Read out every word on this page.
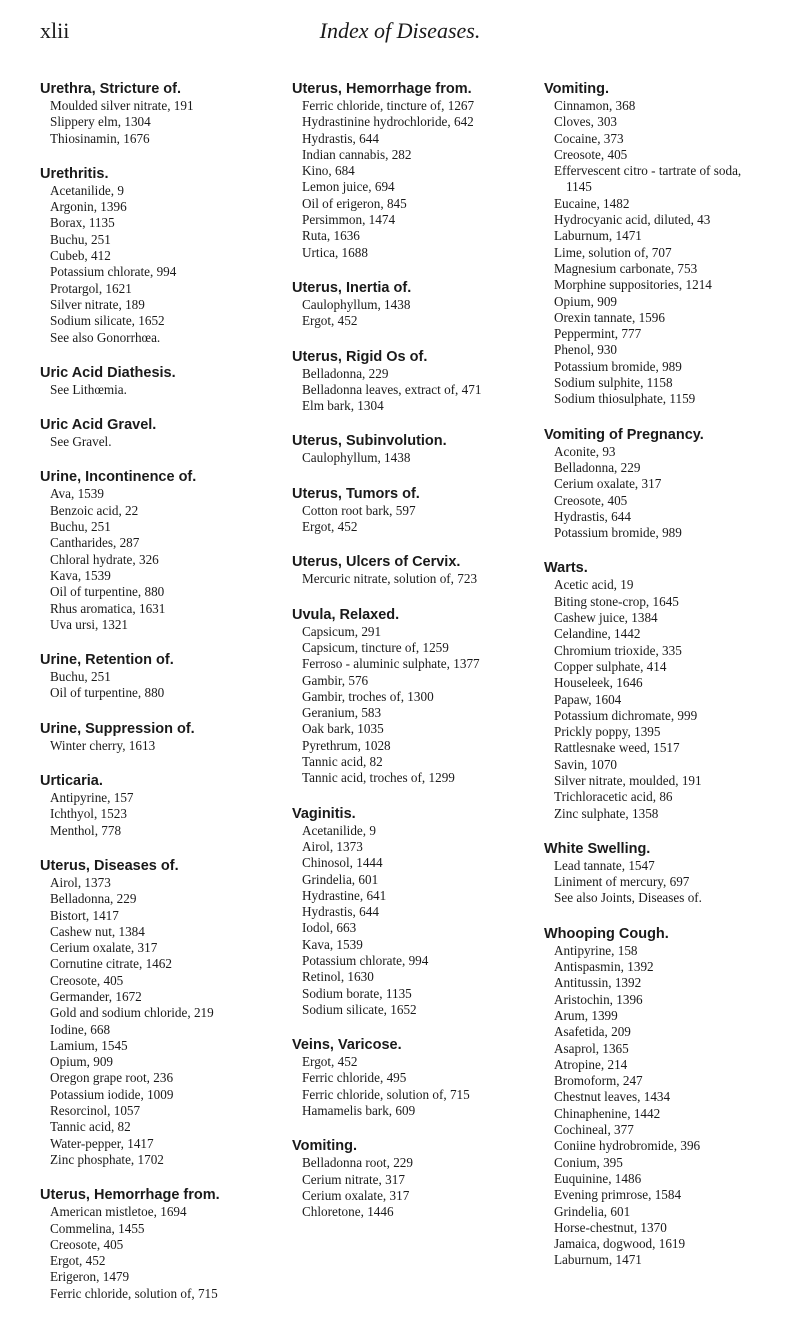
xlii	Index of Diseases.
Urethra, Stricture of.
Moulded silver nitrate, 191
Slippery elm, 1304
Thiosinamin, 1676
Urethritis.
Acetanilide, 9
Argonin, 1396
Borax, 1135
Buchu, 251
Cubeb, 412
Potassium chlorate, 994
Protargol, 1621
Silver nitrate, 189
Sodium silicate, 1652
See also Gonorrhœa.
Uric Acid Diathesis.
See Lithœmia.
Uric Acid Gravel.
See Gravel.
Urine, Incontinence of.
Ava, 1539
Benzoic acid, 22
Buchu, 251
Cantharides, 287
Chloral hydrate, 326
Kava, 1539
Oil of turpentine, 880
Rhus aromatica, 1631
Uva ursi, 1321
Urine, Retention of.
Buchu, 251
Oil of turpentine, 880
Urine, Suppression of.
Winter cherry, 1613
Urticaria.
Antipyrine, 157
Ichthyol, 1523
Menthol, 778
Uterus, Diseases of.
Airol, 1373
Belladonna, 229
Bistort, 1417
Cashew nut, 1384
Cerium oxalate, 317
Cornutine citrate, 1462
Creosote, 405
Germander, 1672
Gold and sodium chloride, 219
Iodine, 668
Lamium, 1545
Opium, 909
Oregon grape root, 236
Potassium iodide, 1009
Resorcinol, 1057
Tannic acid, 82
Water-pepper, 1417
Zinc phosphate, 1702
Uterus, Hemorrhage from.
American mistletoe, 1694
Commelina, 1455
Creosote, 405
Ergot, 452
Erigeron, 1479
Ferric chloride, solution of, 715
Uterus, Hemorrhage from.
Ferric chloride, tincture of, 1267
Hydrastinine hydrochloride, 642
Hydrastis, 644
Indian cannabis, 282
Kino, 684
Lemon juice, 694
Oil of erigeron, 845
Persimmon, 1474
Ruta, 1636
Urtica, 1688
Uterus, Inertia of.
Caulophyllum, 1438
Ergot, 452
Uterus, Rigid Os of.
Belladonna, 229
Belladonna leaves, extract of, 471
Elm bark, 1304
Uterus, Subinvolution.
Caulophyllum, 1438
Uterus, Tumors of.
Cotton root bark, 597
Ergot, 452
Uterus, Ulcers of Cervix.
Mercuric nitrate, solution of, 723
Uvula, Relaxed.
Capsicum, 291
Capsicum, tincture of, 1259
Ferroso - aluminic sulphate, 1377
Gambir, 576
Gambir, troches of, 1300
Geranium, 583
Oak bark, 1035
Pyrethrum, 1028
Tannic acid, 82
Tannic acid, troches of, 1299
Vaginitis.
Acetanilide, 9
Airol, 1373
Chinosol, 1444
Grindelia, 601
Hydrastine, 641
Hydrastis, 644
Iodol, 663
Kava, 1539
Potassium chlorate, 994
Retinol, 1630
Sodium borate, 1135
Sodium silicate, 1652
Veins, Varicose.
Ergot, 452
Ferric chloride, 495
Ferric chloride, solution of, 715
Hamamelis bark, 609
Vomiting.
Belladonna root, 229
Cerium nitrate, 317
Cerium oxalate, 317
Chloretone, 1446
Vomiting.
Cinnamon, 368
Cloves, 303
Cocaine, 373
Creosote, 405
Effervescent citro - tartrate of soda, 1145
Eucaine, 1482
Hydrocyanic acid, diluted, 43
Laburnum, 1471
Lime, solution of, 707
Magnesium carbonate, 753
Morphine suppositories, 1214
Opium, 909
Orexin tannate, 1596
Peppermint, 777
Phenol, 930
Potassium bromide, 989
Sodium sulphite, 1158
Sodium thiosulphate, 1159
Vomiting of Pregnancy.
Aconite, 93
Belladonna, 229
Cerium oxalate, 317
Creosote, 405
Hydrastis, 644
Potassium bromide, 989
Warts.
Acetic acid, 19
Biting stone-crop, 1645
Cashew juice, 1384
Celandine, 1442
Chromium trioxide, 335
Copper sulphate, 414
Houseleek, 1646
Papaw, 1604
Potassium dichromate, 999
Prickly poppy, 1395
Rattlesnake weed, 1517
Savin, 1070
Silver nitrate, moulded, 191
Trichloracetic acid, 86
Zinc sulphate, 1358
White Swelling.
Lead tannate, 1547
Liniment of mercury, 697
See also Joints, Diseases of.
Whooping Cough.
Antipyrine, 158
Antispasmin, 1392
Antitussin, 1392
Aristochin, 1396
Arum, 1399
Asafetida, 209
Asaprol, 1365
Atropine, 214
Bromoform, 247
Chestnut leaves, 1434
Chinaphenine, 1442
Cochineal, 377
Coniine hydrobromide, 396
Conium, 395
Euquinine, 1486
Evening primrose, 1584
Grindelia, 601
Horse-chestnut, 1370
Jamaica, dogwood, 1619
Laburnum, 1471
